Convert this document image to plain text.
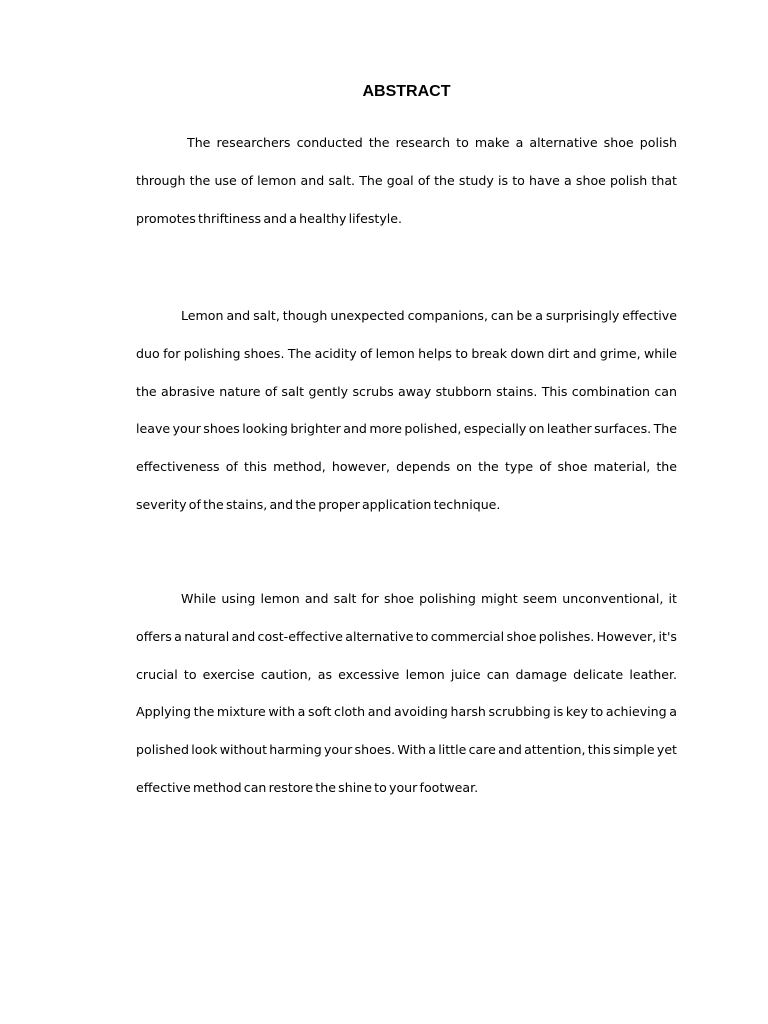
ABSTRACT

The researchers conducted the research to make a alternative shoe polish through the use of lemon and salt. The goal of the study is to have a shoe polish that promotes thriftiness and a healthy lifestyle.

Lemon and salt, though unexpected companions, can be a surprisingly effective duo for polishing shoes. The acidity of lemon helps to break down dirt and grime, while the abrasive nature of salt gently scrubs away stubborn stains. This combination can leave your shoes looking brighter and more polished, especially on leather surfaces. The effectiveness of this method, however, depends on the type of shoe material, the severity of the stains, and the proper application technique.

While using lemon and salt for shoe polishing might seem unconventional, it offers a natural and cost-effective alternative to commercial shoe polishes. However, it's crucial to exercise caution, as excessive lemon juice can damage delicate leather. Applying the mixture with a soft cloth and avoiding harsh scrubbing is key to achieving a polished look without harming your shoes. With a little care and attention, this simple yet effective method can restore the shine to your footwear.
